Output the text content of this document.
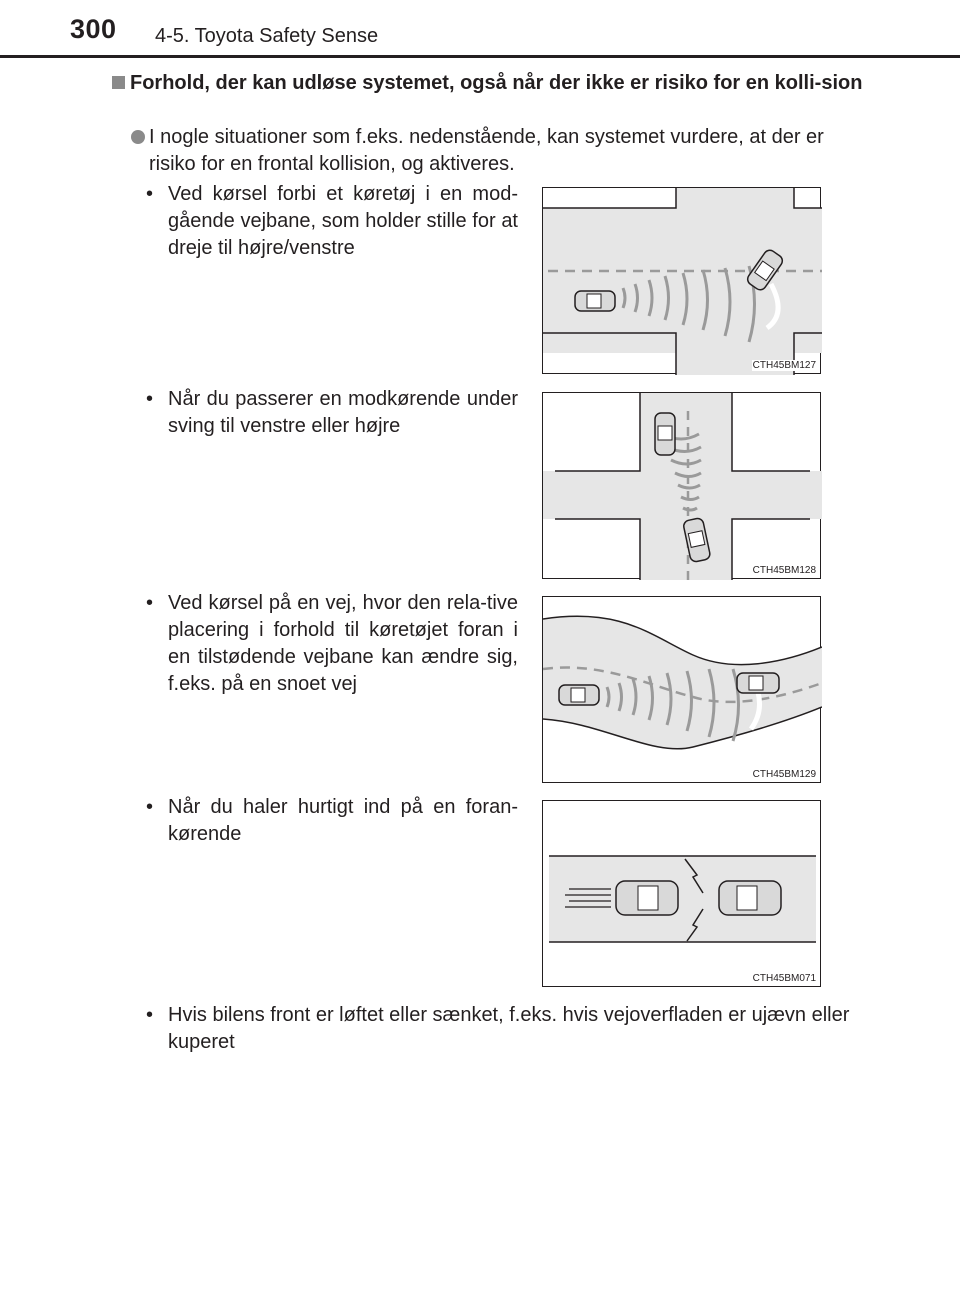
300 4-5. Toyota Safety Sense
Forhold, der kan udløse systemet, også når der ikke er risiko for en kolli-sion
I nogle situationer som f.eks. nedenstående, kan systemet vurdere, at der er risiko for en frontal kollision, og aktiveres.
• Ved kørsel forbi et køretøj i en mod-gående vejbane, som holder stille for at dreje til højre/venstre
CTH45BM127
• Når du passerer en modkørende under sving til venstre eller højre
CTH45BM128
• Ved kørsel på en vej, hvor den rela-tive placering i forhold til køretøjet foran i en tilstødende vejbane kan ændre sig, f.eks. på en snoet vej
CTH45BM129
• Når du haler hurtigt ind på en foran-kørende
CTH45BM071
• Hvis bilens front er løftet eller sænket, f.eks. hvis vejoverfladen er ujævn eller kuperet
